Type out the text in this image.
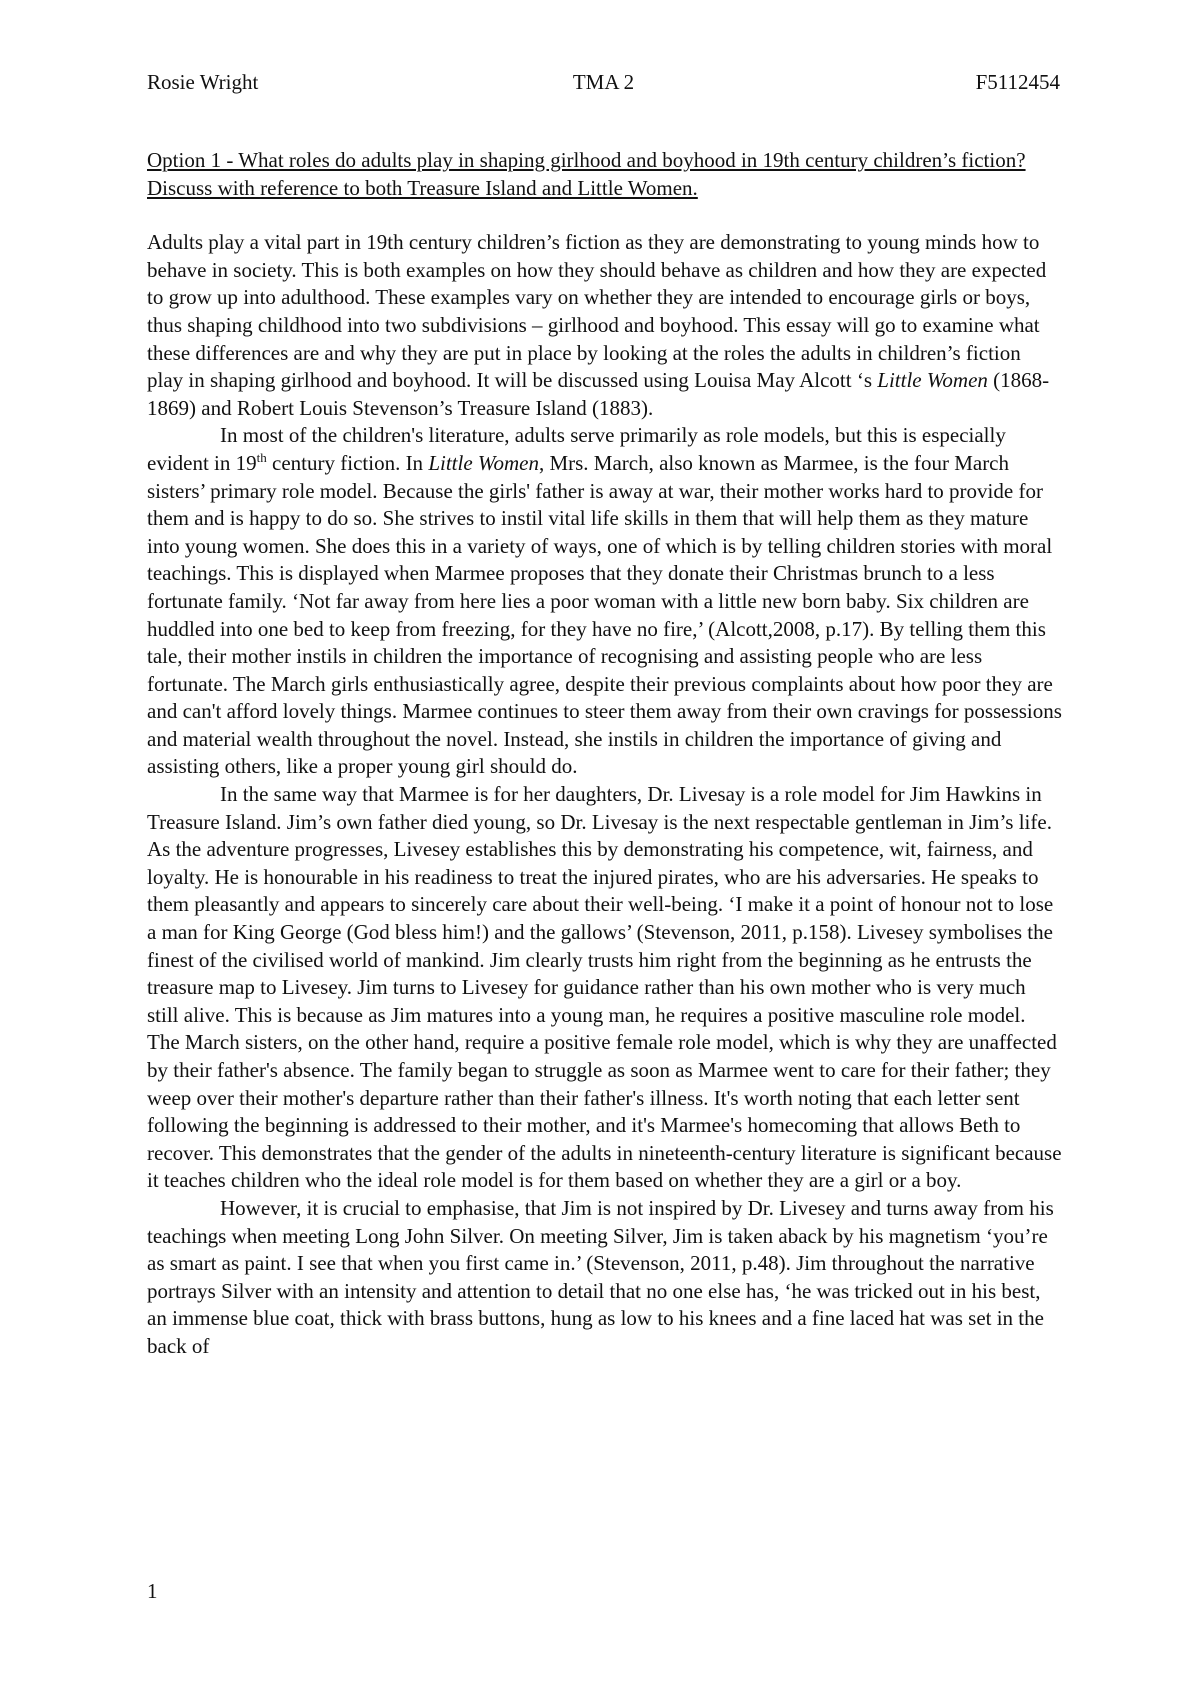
Rosie Wright	TMA 2	F5112454

Option 1 - What roles do adults play in shaping girlhood and boyhood in 19th century children’s fiction? Discuss with reference to both Treasure Island and Little Women.

Adults play a vital part in 19th century children’s fiction as they are demonstrating to young minds how to behave in society. This is both examples on how they should behave as children and how they are expected to grow up into adulthood. These examples vary on whether they are intended to encourage girls or boys, thus shaping childhood into two subdivisions – girlhood and boyhood. This essay will go to examine what these differences are and why they are put in place by looking at the roles the adults in children’s fiction play in shaping girlhood and boyhood. It will be discussed using Louisa May Alcott ‘s Little Women (1868-1869) and Robert Louis Stevenson’s Treasure Island (1883).

In most of the children's literature, adults serve primarily as role models, but this is especially evident in 19th century fiction. In Little Women, Mrs. March, also known as Marmee, is the four March sisters’ primary role model. Because the girls' father is away at war, their mother works hard to provide for them and is happy to do so. She strives to instil vital life skills in them that will help them as they mature into young women. She does this in a variety of ways, one of which is by telling children stories with moral teachings. This is displayed when Marmee proposes that they donate their Christmas brunch to a less fortunate family. ‘Not far away from here lies a poor woman with a little new born baby. Six children are huddled into one bed to keep from freezing, for they have no fire,’ (Alcott,2008, p.17). By telling them this tale, their mother instils in children the importance of recognising and assisting people who are less fortunate. The March girls enthusiastically agree, despite their previous complaints about how poor they are and can't afford lovely things. Marmee continues to steer them away from their own cravings for possessions and material wealth throughout the novel. Instead, she instils in children the importance of giving and assisting others, like a proper young girl should do.

In the same way that Marmee is for her daughters, Dr. Livesay is a role model for Jim Hawkins in Treasure Island. Jim’s own father died young, so Dr. Livesay is the next respectable gentleman in Jim’s life. As the adventure progresses, Livesey establishes this by demonstrating his competence, wit, fairness, and loyalty. He is honourable in his readiness to treat the injured pirates, who are his adversaries. He speaks to them pleasantly and appears to sincerely care about their well-being. ‘I make it a point of honour not to lose a man for King George (God bless him!) and the gallows’ (Stevenson, 2011, p.158). Livesey symbolises the finest of the civilised world of mankind. Jim clearly trusts him right from the beginning as he entrusts the treasure map to Livesey. Jim turns to Livesey for guidance rather than his own mother who is very much still alive. This is because as Jim matures into a young man, he requires a positive masculine role model. The March sisters, on the other hand, require a positive female role model, which is why they are unaffected by their father's absence. The family began to struggle as soon as Marmee went to care for their father; they weep over their mother's departure rather than their father's illness. It's worth noting that each letter sent following the beginning is addressed to their mother, and it's Marmee's homecoming that allows Beth to recover. This demonstrates that the gender of the adults in nineteenth-century literature is significant because it teaches children who the ideal role model is for them based on whether they are a girl or a boy.

However, it is crucial to emphasise, that Jim is not inspired by Dr. Livesey and turns away from his teachings when meeting Long John Silver. On meeting Silver, Jim is taken aback by his magnetism ‘you’re as smart as paint. I see that when you first came in.’ (Stevenson, 2011, p.48). Jim throughout the narrative portrays Silver with an intensity and attention to detail that no one else has, ‘he was tricked out in his best, an immense blue coat, thick with brass buttons, hung as low to his knees and a fine laced hat was set in the back of

1
